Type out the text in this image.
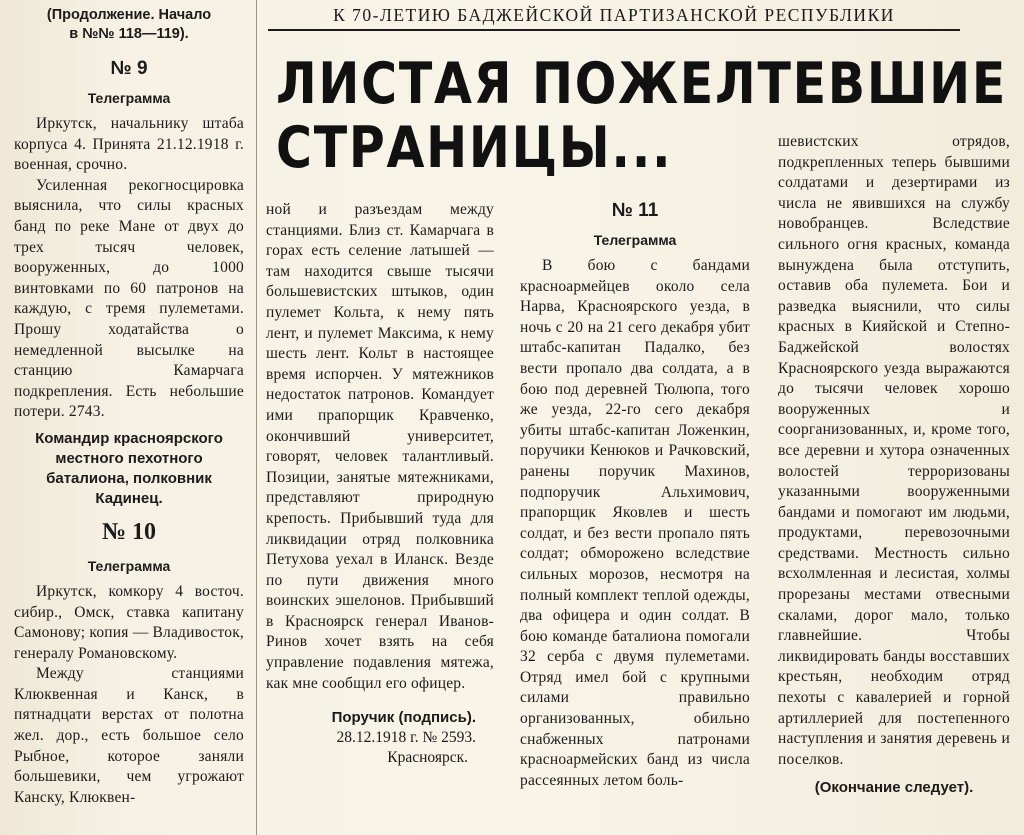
К 70-ЛЕТИЮ БАДЖЕЙСКОЙ ПАРТИЗАНСКОЙ РЕСПУБЛИКИ
ЛИСТАЯ ПОЖЕЛТЕВШИЕ
СТРАНИЦЫ...
(Продолжение. Начало
в №№ 118—119).
№ 9
Телеграмма

Иркутск, начальнику штаба корпуса 4. Принята 21.12.1918 г. военная, срочно.

Усиленная рекогносцировка выяснила, что силы красных банд по реке Мане от двух до трех тысяч человек, вооруженных, до 1000 винтовками по 60 патронов на каждую, с тремя пулеметами. Прошу ходатайства о немедленной высылке на станцию Камарчага подкрепления. Есть небольшие потери. 2743.

Командир красноярского местного пехотного баталиона, полковник Кадинец.
№ 10
Телеграмма

Иркутск, комкору 4 восточ. сибир., Омск, ставка капитану Самонову; копия — Владивосток, генералу Романовскому.

Между станциями Клюквенная и Канск, в пятнадцати верстах от полотна жел. дор., есть большое село Рыбное, которое заняли большевики, чем угрожают Канску, Клюквен-

ной и разъездам между станциями. Близ ст. Камарчага в горах есть селение латышей — там находится свыше тысячи большевистских штыков, один пулемет Кольта, к нему пять лент, и пулемет Максима, к нему шесть лент. Кольт в настоящее время испорчен. У мятежников недостаток патронов. Командует ими прапорщик Кравченко, окончивший университет, говорят, человек талантливый. Позиции, занятые мятежниками, представляют природную крепость. Прибывший туда для ликвидации отряд полковника Петухова уехал в Иланск. Везде по пути движения много воинских эшелонов. Прибывший в Красноярск генерал Иванов-Ринов хочет взять на себя управление подавления мятежа, как мне сообщил его офицер.

Поручик (подпись).
28.12.1918 г. № 2593.
Красноярск.
№ 11
Телеграмма

В бою с бандами красноармейцев около села Нарва, Красноярского уезда, в ночь с 20 на 21 сего декабря убит штабс-капитан Падалко, без вести пропало два солдата, а в бою под деревней Тюлюпа, того же уезда, 22-го сего декабря убиты штабс-капитан Ложенкин, поручики Кенюков и Рачковский, ранены поручик Махинов, подпоручик Альхимович, прапорщик Яковлев и шесть солдат, и без вести пропало пять солдат; обморожено вследствие сильных морозов, несмотря на полный комплект теплой одежды, два офицера и один солдат. В бою команде баталиона помогали 32 серба с двумя пулеметами. Отряд имел бой с крупными силами правильно организованных, обильно снабженных патронами красноармейских банд из числа рассеянных летом боль-

шевистских отрядов, подкрепленных теперь бывшими солдатами и дезертирами из числа не явившихся на службу новобранцев. Вследствие сильного огня красных, команда вынуждена была отступить, оставив оба пулемета. Бои и разведка выяснили, что силы красных в Кияйской и Степно-Баджейской волостях Красноярского уезда выражаются до тысячи человек хорошо вооруженных и соорганизованных, и, кроме того, все деревни и хутора означенных волостей терроризованы указанными вооруженными бандами и помогают им людьми, продуктами, перевозочными средствами. Местность сильно всхолмленная и лесистая, холмы прорезаны местами отвесными скалами, дорог мало, только главнейшие. Чтобы ликвидировать банды восставших крестьян, необходим отряд пехоты с кавалерией и горной артиллерией для постепенного наступления и занятия деревень и поселков.

(Окончание следует).
